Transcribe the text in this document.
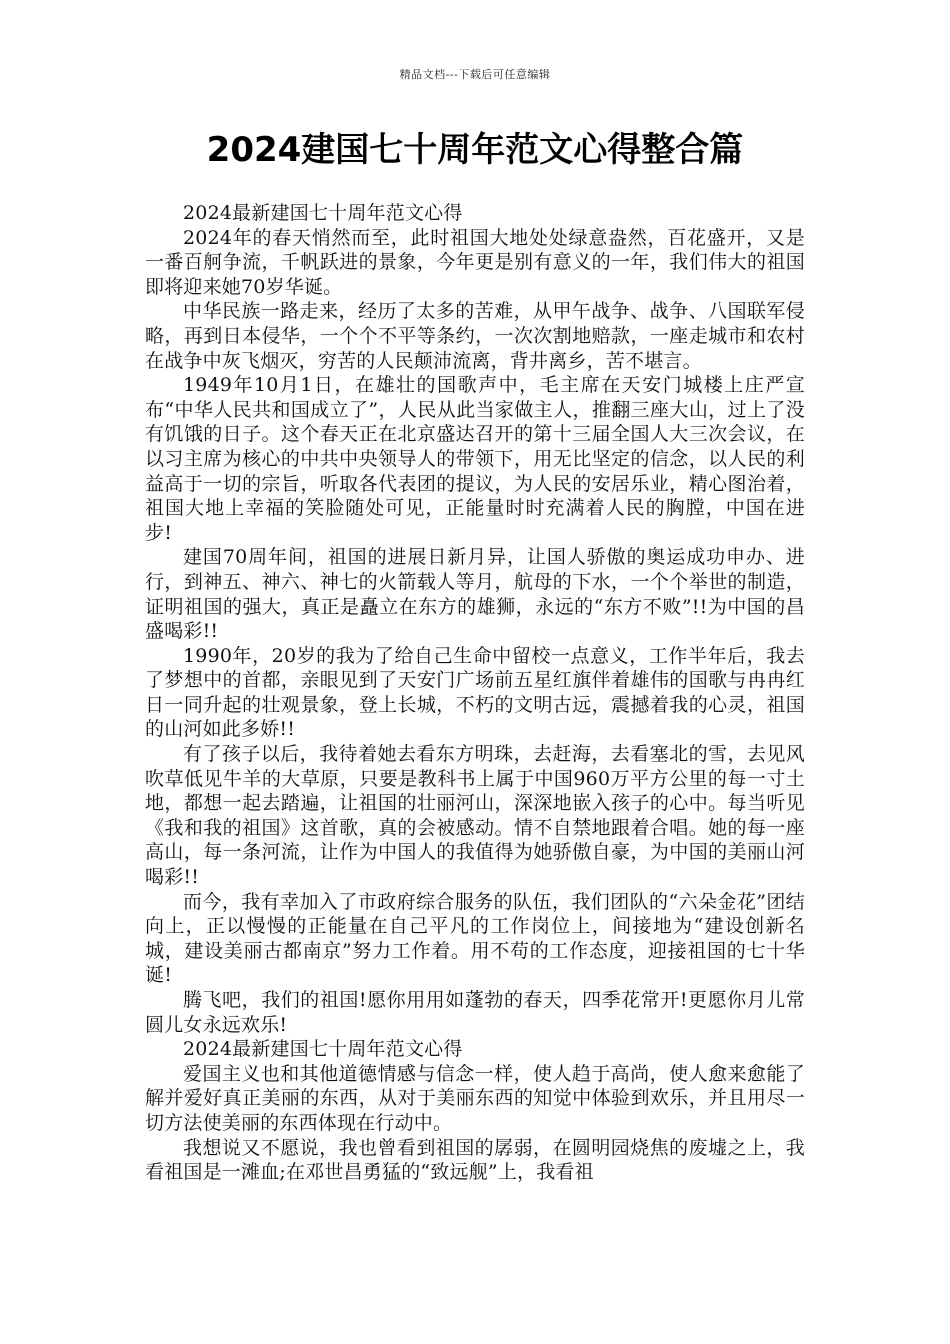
精品文档---下载后可任意编辑
2024建国七十周年范文心得整合篇

2024最新建国七十周年范文心得

2024年的春天悄然而至，此时祖国大地处处绿意盎然，百花盛开，又是一番百舸争流，千帆跃进的景象，今年更是别有意义的一年，我们伟大的祖国即将迎来她70岁华诞。

中华民族一路走来，经历了太多的苦难，从甲午战争、战争、八国联军侵略，再到日本侵华，一个个不平等条约，一次次割地赔款，一座走城市和农村在战争中灰飞烟灭，穷苦的人民颠沛流离，背井离乡，苦不堪言。

1949年10月1日，在雄壮的国歌声中，毛主席在天安门城楼上庄严宣布“中华人民共和国成立了”，人民从此当家做主人，推翻三座大山，过上了没有饥饿的日子。这个春天正在北京盛达召开的第十三届全国人大三次会议，在以习主席为核心的中共中央领导人的带领下，用无比坚定的信念，以人民的利益高于一切的宗旨，听取各代表团的提议，为人民的安居乐业，精心图治着，祖国大地上幸福的笑脸随处可见，正能量时时充满着人民的胸膛，中国在进步!

建国70周年间，祖国的进展日新月异，让国人骄傲的奥运成功申办、进行，到神五、神六、神七的火箭载人等月，航母的下水，一个个举世的制造，证明祖国的强大，真正是矗立在东方的雄狮，永远的“东方不败”!!为中国的昌盛喝彩!!

1990年，20岁的我为了给自己生命中留校一点意义，工作半年后，我去了梦想中的首都，亲眼见到了天安门广场前五星红旗伴着雄伟的国歌与冉冉红日一同升起的壮观景象，登上长城，不朽的文明古远，震撼着我的心灵，祖国的山河如此多娇!!

有了孩子以后，我待着她去看东方明珠，去赶海，去看塞北的雪，去见风吹草低见牛羊的大草原，只要是教科书上属于中国960万平方公里的每一寸土地，都想一起去踏遍，让祖国的壮丽河山，深深地嵌入孩子的心中。每当听见《我和我的祖国》这首歌，真的会被感动。情不自禁地跟着合唱。她的每一座高山，每一条河流，让作为中国人的我值得为她骄傲自豪，为中国的美丽山河喝彩!!

而今，我有幸加入了市政府综合服务的队伍，我们团队的“六朵金花”团结向上，正以慢慢的正能量在自己平凡的工作岗位上，间接地为“建设创新名城，建设美丽古都南京”努力工作着。用不苟的工作态度，迎接祖国的七十华诞!

腾飞吧，我们的祖国!愿你用用如蓬勃的春天，四季花常开!更愿你月儿常圆儿女永远欢乐!

2024最新建国七十周年范文心得

爱国主义也和其他道德情感与信念一样，使人趋于高尚，使人愈来愈能了解并爱好真正美丽的东西，从对于美丽东西的知觉中体验到欢乐，并且用尽一切方法使美丽的东西体现在行动中。

我想说又不愿说，我也曾看到祖国的孱弱，在圆明园烧焦的废墟之上，我看祖国是一滩血;在邓世昌勇猛的“致远舰”上，我看祖
